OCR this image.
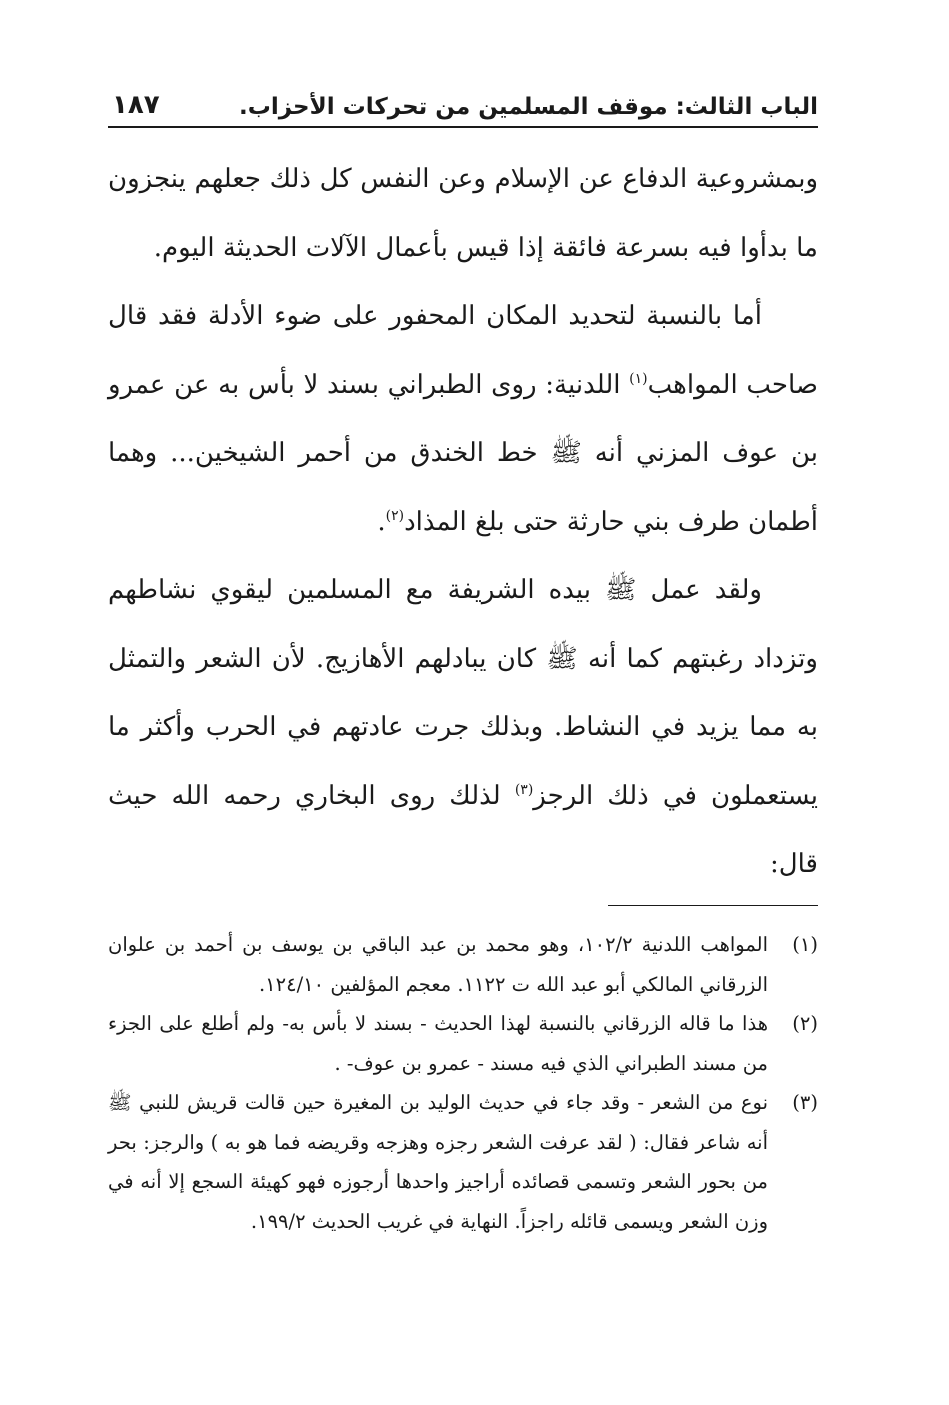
الباب الثالث: موقف المسلمين من تحركات الأحزاب.
١٨٧

وبمشروعية الدفاع عن الإسلام وعن النفس كل ذلك جعلهم ينجزون ما بدأوا فيه بسرعة فائقة إذا قيس بأعمال الآلات الحديثة اليوم.

أما بالنسبة لتحديد المكان المحفور على ضوء الأدلة فقد قال صاحب المواهب$^{(١)}$ اللدنية: روى الطبراني بسند لا بأس به عن عمرو بن عوف المزني أنه ﷺ خط الخندق من أحمر الشيخين... وهما أطمان طرف بني حارثة حتى بلغ المذاد$^{(٢)}$.

ولقد عمل ﷺ بيده الشريفة مع المسلمين ليقوي نشاطهم وتزداد رغبتهم كما أنه ﷺ كان يبادلهم الأهازيج. لأن الشعر والتمثل به مما يزيد في النشاط. وبذلك جرت عادتهم في الحرب وأكثر ما يستعملون في ذلك الرجز$^{(٣)}$ لذلك روى البخاري رحمه الله حيث قال:

(١)
المواهب اللدنية ١٠٢/٢، وهو محمد بن عبد الباقي بن يوسف بن أحمد بن علوان الزرقاني المالكي أبو عبد الله ت ١١٢٢. معجم المؤلفين ١٢٤/١٠.
(٢)
هذا ما قاله الزرقاني بالنسبة لهذا الحديث - بسند لا بأس به- ولم أطلع على الجزء من مسند الطبراني الذي فيه مسند - عمرو بن عوف- .
(٣)
نوع من الشعر - وقد جاء في حديث الوليد بن المغيرة حين قالت قريش للنبي ﷺ أنه شاعر فقال: ( لقد عرفت الشعر رجزه وهزجه وقريضه فما هو به ) والرجز: بحر من بحور الشعر وتسمى قصائده أراجيز واحدها أرجوزه فهو كهيئة السجع إلا أنه في وزن الشعر ويسمى قائله راجزاً. النهاية في غريب الحديث ١٩٩/٢.
